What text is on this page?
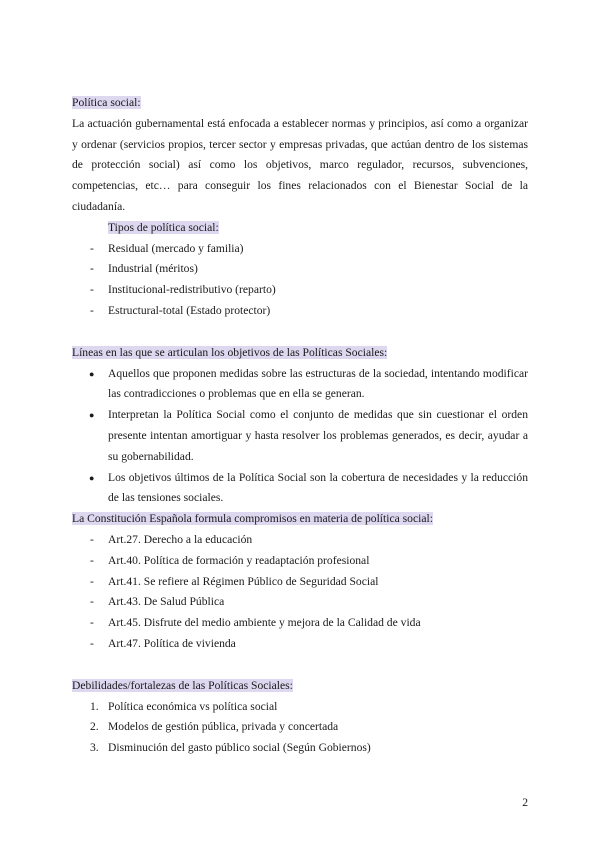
Política social:

La actuación gubernamental está enfocada a establecer normas y principios, así como a organizar y ordenar (servicios propios, tercer sector y empresas privadas, que actúan dentro de los sistemas de protección social) así como los objetivos, marco regulador, recursos, subvenciones, competencias, etc… para conseguir los fines relacionados con el Bienestar Social de la ciudadanía.

Tipos de política social:

- Residual (mercado y familia)
- Industrial (méritos)
- Institucional-redistributivo (reparto)
- Estructural-total (Estado protector)

Líneas en las que se articulan los objetivos de las Políticas Sociales:

● Aquellos que proponen medidas sobre las estructuras de la sociedad, intentando modificar las contradicciones o problemas que en ella se generan.
● Interpretan la Política Social como el conjunto de medidas que sin cuestionar el orden presente intentan amortiguar y hasta resolver los problemas generados, es decir, ayudar a su gobernabilidad.
● Los objetivos últimos de la Política Social son la cobertura de necesidades y la reducción de las tensiones sociales.

La Constitución Española formula compromisos en materia de política social:

- Art.27. Derecho a la educación
- Art.40. Política de formación y readaptación profesional
- Art.41. Se refiere al Régimen Público de Seguridad Social
- Art.43. De Salud Pública
- Art.45. Disfrute del medio ambiente y mejora de la Calidad de vida
- Art.47. Política de vivienda

Debilidades/fortalezas de las Políticas Sociales:

1. Política económica vs política social
2. Modelos de gestión pública, privada y concertada
3. Disminución del gasto público social (Según Gobiernos)
2
